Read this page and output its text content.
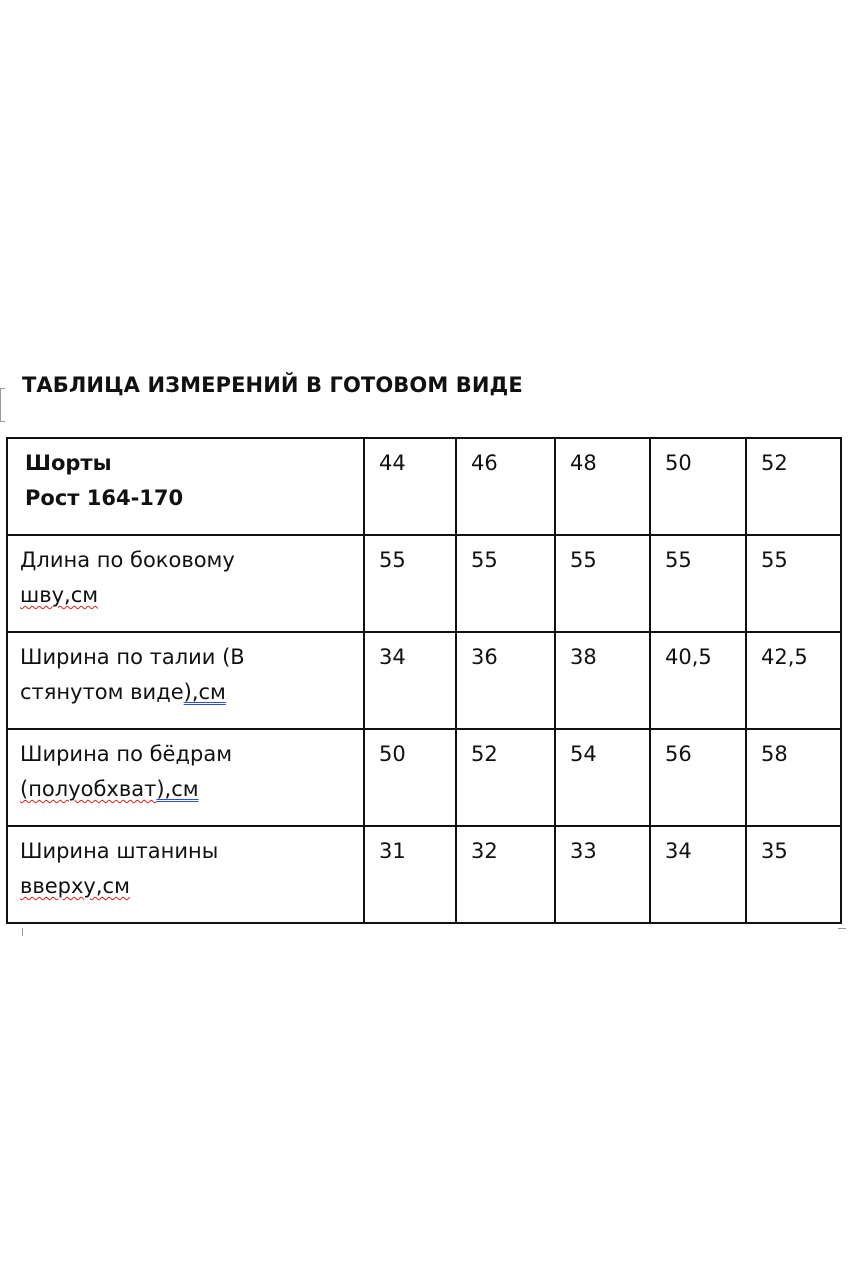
ТАБЛИЦА ИЗМЕРЕНИЙ В ГОТОВОМ ВИДЕ
Шорты
Рост 164-170	44	46	48	50	52

Длина по боковому
шву,см	55	55	55	55	55

Ширина по талии (В
стянутом виде),см	34	36	38	40,5	42,5

Ширина по бёдрам
(полуобхват),см	50	52	54	56	58

Ширина штанины
вверху,см	31	32	33	34	35
